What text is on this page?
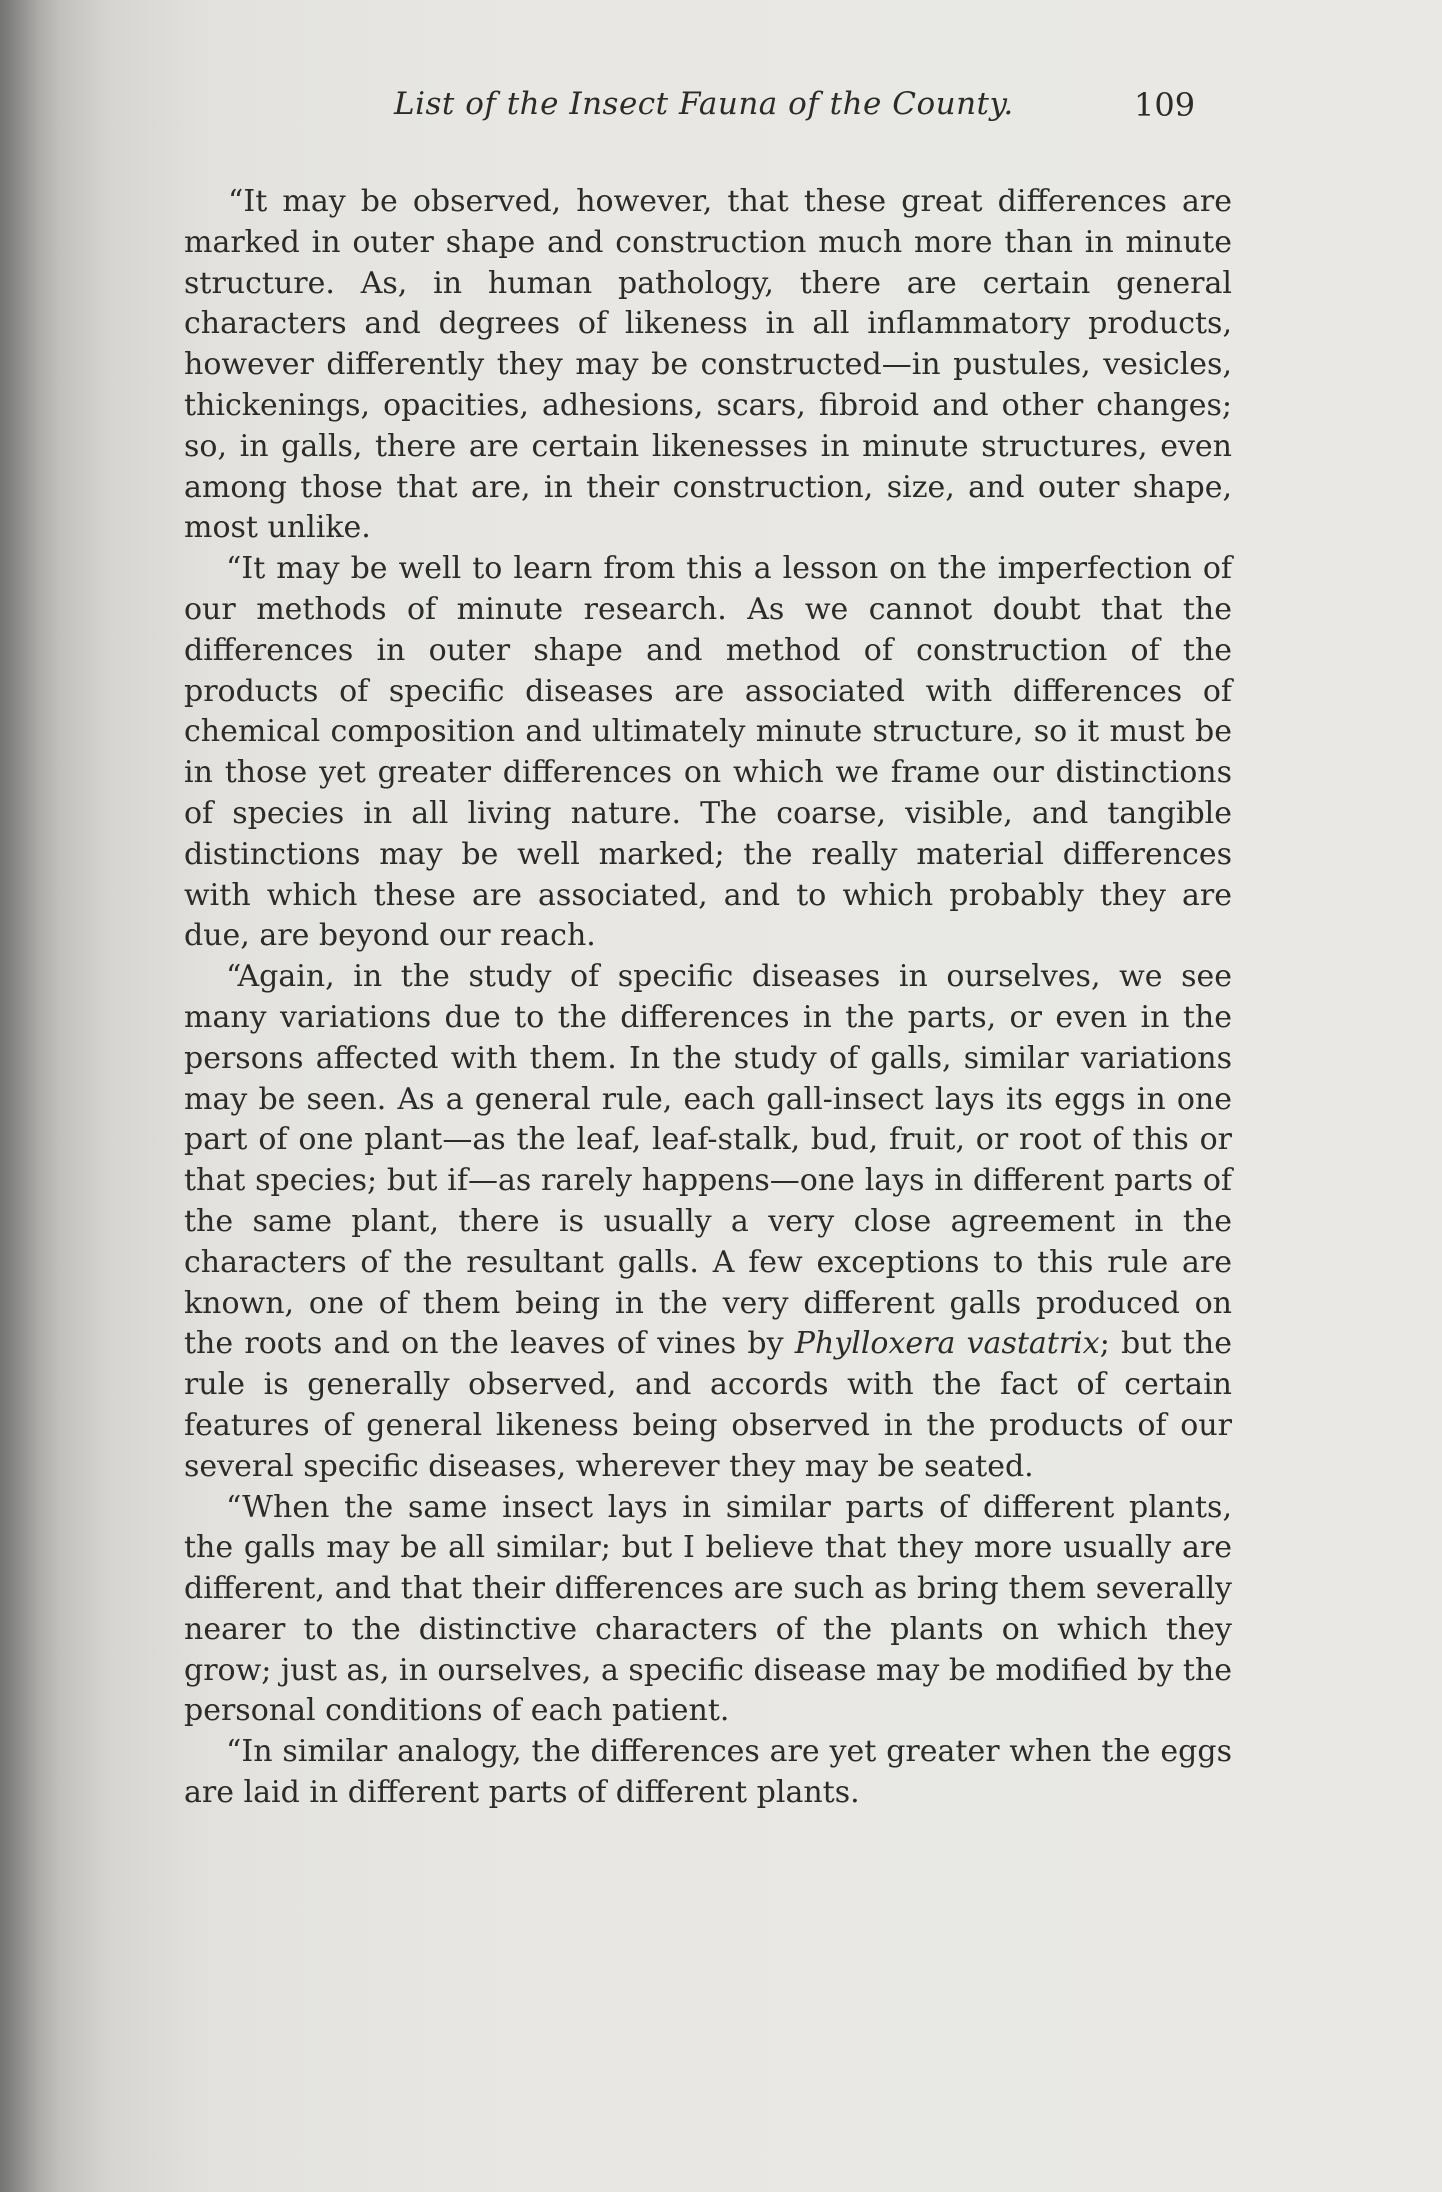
List of the Insect Fauna of the County.	109

“It may be observed, however, that these great differences are marked in outer shape and construction much more than in minute structure. As, in human pathology, there are certain general characters and degrees of likeness in all inflammatory products, however differently they may be constructed—in pustules, vesicles, thickenings, opacities, adhesions, scars, fibroid and other changes; so, in galls, there are certain likenesses in minute structures, even among those that are, in their construction, size, and outer shape, most unlike.

“It may be well to learn from this a lesson on the imperfection of our methods of minute research. As we cannot doubt that the differences in outer shape and method of construction of the products of specific diseases are associated with differences of chemical composition and ultimately minute structure, so it must be in those yet greater differences on which we frame our distinctions of species in all living nature. The coarse, visible, and tangible distinctions may be well marked; the really material differences with which these are associated, and to which probably they are due, are beyond our reach.

“Again, in the study of specific diseases in ourselves, we see many variations due to the differences in the parts, or even in the persons affected with them. In the study of galls, similar variations may be seen. As a general rule, each gall-insect lays its eggs in one part of one plant—as the leaf, leaf-stalk, bud, fruit, or root of this or that species; but if—as rarely happens—one lays in different parts of the same plant, there is usually a very close agreement in the characters of the resultant galls. A few exceptions to this rule are known, one of them being in the very different galls produced on the roots and on the leaves of vines by Phylloxera vastatrix; but the rule is generally observed, and accords with the fact of certain features of general likeness being observed in the products of our several specific diseases, wherever they may be seated.

“When the same insect lays in similar parts of different plants, the galls may be all similar; but I believe that they more usually are different, and that their differences are such as bring them severally nearer to the distinctive characters of the plants on which they grow; just as, in ourselves, a specific disease may be modified by the personal conditions of each patient.

“In similar analogy, the differences are yet greater when the eggs are laid in different parts of different plants.
